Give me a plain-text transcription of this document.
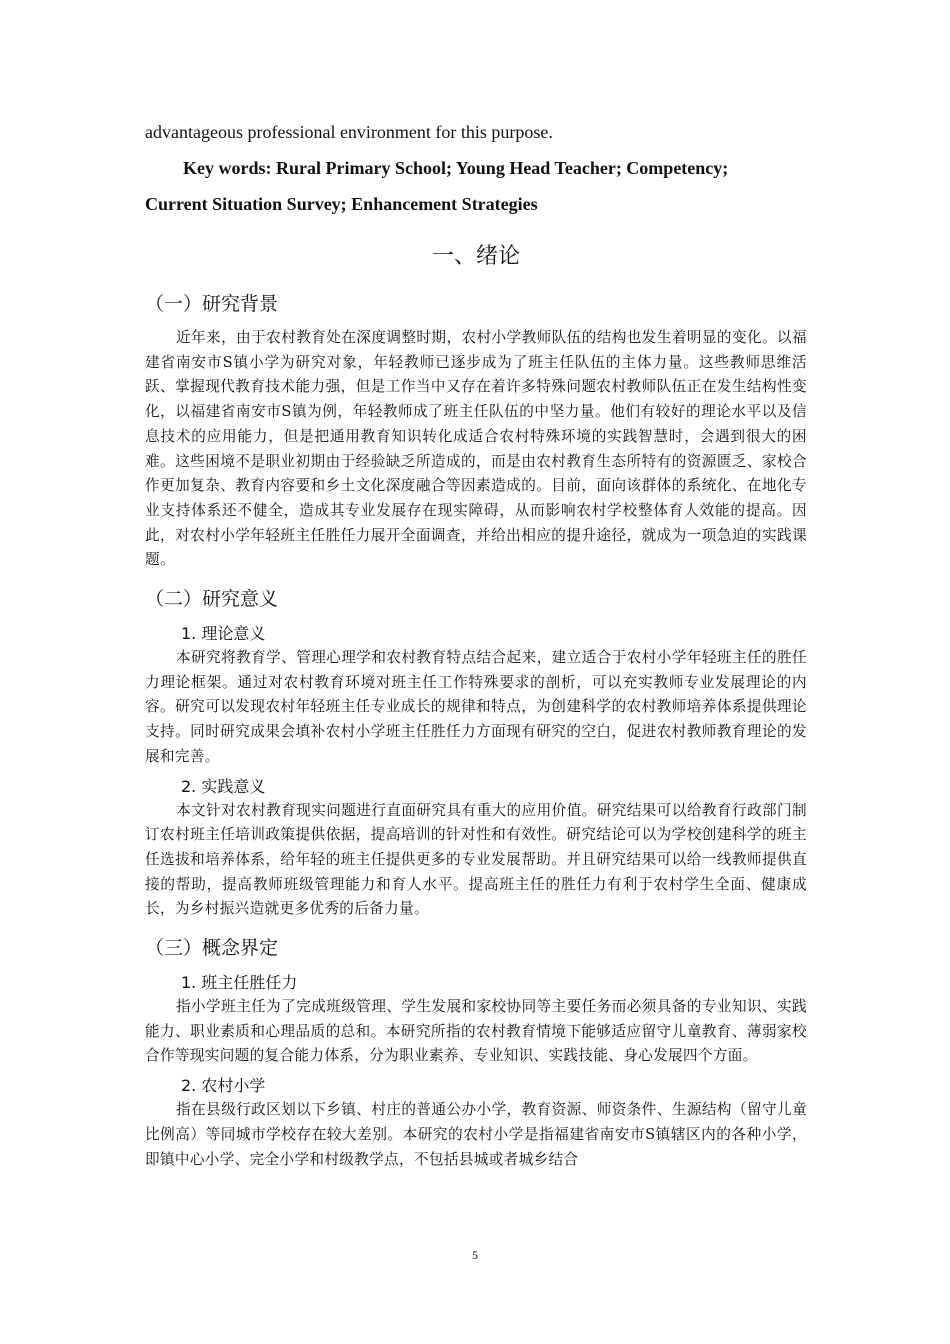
advantageous professional environment for this purpose.

Key words: Rural Primary School; Young Head Teacher; Competency;

Current Situation Survey; Enhancement Strategies

一、绪论
（一）研究背景

近年来，由于农村教育处在深度调整时期，农村小学教师队伍的结构也发生着明显的变化。以福建省南安市S镇小学为研究对象，年轻教师已逐步成为了班主任队伍的主体力量。这些教师思维活跃、掌握现代教育技术能力强，但是工作当中又存在着许多特殊问题农村教师队伍正在发生结构性变化，以福建省南安市S镇为例，年轻教师成了班主任队伍的中坚力量。他们有较好的理论水平以及信息技术的应用能力，但是把通用教育知识转化成适合农村特殊环境的实践智慧时，会遇到很大的困难。这些困境不是职业初期由于经验缺乏所造成的，而是由农村教育生态所特有的资源匮乏、家校合作更加复杂、教育内容要和乡土文化深度融合等因素造成的。目前，面向该群体的系统化、在地化专业支持体系还不健全，造成其专业发展存在现实障碍，从而影响农村学校整体育人效能的提高。因此，对农村小学年轻班主任胜任力展开全面调查，并给出相应的提升途径，就成为一项急迫的实践课题。

（二）研究意义
1. 理论意义

本研究将教育学、管理心理学和农村教育特点结合起来，建立适合于农村小学年轻班主任的胜任力理论框架。通过对农村教育环境对班主任工作特殊要求的剖析，可以充实教师专业发展理论的内容。研究可以发现农村年轻班主任专业成长的规律和特点，为创建科学的农村教师培养体系提供理论支持。同时研究成果会填补农村小学班主任胜任力方面现有研究的空白，促进农村教师教育理论的发展和完善。

2. 实践意义

本文针对农村教育现实问题进行直面研究具有重大的应用价值。研究结果可以给教育行政部门制订农村班主任培训政策提供依据，提高培训的针对性和有效性。研究结论可以为学校创建科学的班主任选拔和培养体系，给年轻的班主任提供更多的专业发展帮助。并且研究结果可以给一线教师提供直接的帮助，提高教师班级管理能力和育人水平。提高班主任的胜任力有利于农村学生全面、健康成长，为乡村振兴造就更多优秀的后备力量。

（三）概念界定
1. 班主任胜任力

指小学班主任为了完成班级管理、学生发展和家校协同等主要任务而必须具备的专业知识、实践能力、职业素质和心理品质的总和。本研究所指的农村教育情境下能够适应留守儿童教育、薄弱家校合作等现实问题的复合能力体系，分为职业素养、专业知识、实践技能、身心发展四个方面。

2. 农村小学

指在县级行政区划以下乡镇、村庄的普通公办小学，教育资源、师资条件、生源结构（留守儿童比例高）等同城市学校存在较大差别。本研究的农村小学是指福建省南安市S镇辖区内的各种小学，即镇中心小学、完全小学和村级教学点，不包括县城或者城乡结合

5
